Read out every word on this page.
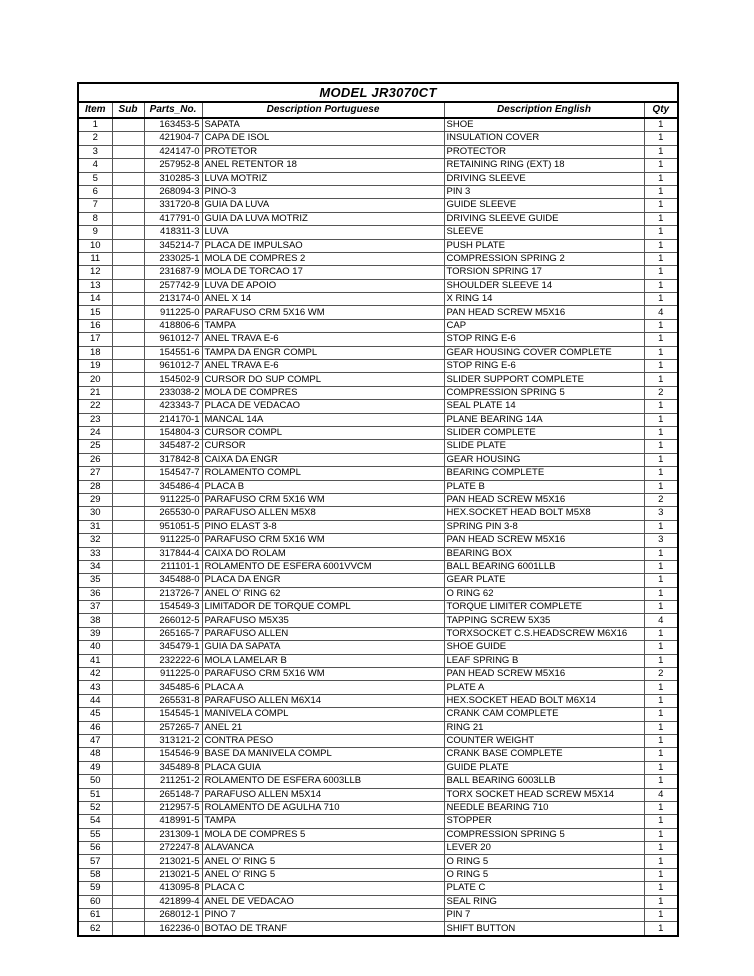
MODEL JR3070CT					
Item	Sub	Parts_No.	Description Portuguese	Description English	Qty
1		163453-5	SAPATA	SHOE	1
2		421904-7	CAPA DE ISOL	INSULATION COVER	1
3		424147-0	PROTETOR	PROTECTOR	1
4		257952-8	ANEL RETENTOR 18	RETAINING RING (EXT) 18	1
5		310285-3	LUVA MOTRIZ	DRIVING SLEEVE	1
6		268094-3	PINO-3	PIN 3	1
7		331720-8	GUIA DA LUVA	GUIDE SLEEVE	1
8		417791-0	GUIA DA LUVA MOTRIZ	DRIVING SLEEVE GUIDE	1
9		418311-3	LUVA	SLEEVE	1
10		345214-7	PLACA DE IMPULSAO	PUSH PLATE	1
11		233025-1	MOLA DE COMPRES 2	COMPRESSION SPRING 2	1
12		231687-9	MOLA DE TORCAO 17	TORSION SPRING 17	1
13		257742-9	LUVA DE APOIO	SHOULDER SLEEVE 14	1
14		213174-0	ANEL X 14	X RING 14	1
15		911225-0	PARAFUSO CRM 5X16 WM	PAN HEAD SCREW M5X16	4
16		418806-6	TAMPA	CAP	1
17		961012-7	ANEL TRAVA E-6	STOP RING E-6	1
18		154551-6	TAMPA DA ENGR COMPL	GEAR HOUSING COVER COMPLETE	1
19		961012-7	ANEL TRAVA E-6	STOP RING E-6	1
20		154502-9	CURSOR DO SUP COMPL	SLIDER SUPPORT COMPLETE	1
21		233038-2	MOLA DE COMPRES	COMPRESSION SPRING 5	2
22		423343-7	PLACA DE VEDACAO	SEAL PLATE 14	1
23		214170-1	MANCAL 14A	PLANE BEARING 14A	1
24		154804-3	CURSOR COMPL	SLIDER COMPLETE	1
25		345487-2	CURSOR	SLIDE PLATE	1
26		317842-8	CAIXA DA ENGR	GEAR HOUSING	1
27		154547-7	ROLAMENTO COMPL	BEARING COMPLETE	1
28		345486-4	PLACA B	PLATE B	1
29		911225-0	PARAFUSO CRM 5X16 WM	PAN HEAD SCREW M5X16	2
30		265530-0	PARAFUSO ALLEN M5X8	HEX.SOCKET HEAD BOLT M5X8	3
31		951051-5	PINO ELAST 3-8	SPRING PIN 3-8	1
32		911225-0	PARAFUSO CRM 5X16 WM	PAN HEAD SCREW M5X16	3
33		317844-4	CAIXA DO ROLAM	BEARING BOX	1
34		211101-1	ROLAMENTO DE ESFERA 6001VVCM	BALL BEARING 6001LLB	1
35		345488-0	PLACA DA ENGR	GEAR PLATE	1
36		213726-7	ANEL O' RING 62	O RING 62	1
37		154549-3	LIMITADOR DE TORQUE COMPL	TORQUE LIMITER COMPLETE	1
38		266012-5	PARAFUSO M5X35	TAPPING SCREW 5X35	4
39		265165-7	PARAFUSO ALLEN	TORXSOCKET C.S.HEADSCREW M6X16	1
40		345479-1	GUIA DA SAPATA	SHOE GUIDE	1
41		232222-6	MOLA LAMELAR B	LEAF SPRING B	1
42		911225-0	PARAFUSO CRM 5X16 WM	PAN HEAD SCREW M5X16	2
43		345485-6	PLACA A	PLATE A	1
44		265531-8	PARAFUSO ALLEN M6X14	HEX.SOCKET HEAD BOLT M6X14	1
45		154545-1	MANIVELA COMPL	CRANK CAM COMPLETE	1
46		257265-7	ANEL 21	RING 21	1
47		313121-2	CONTRA PESO	COUNTER WEIGHT	1
48		154546-9	BASE DA MANIVELA COMPL	CRANK BASE COMPLETE	1
49		345489-8	PLACA GUIA	GUIDE PLATE	1
50		211251-2	ROLAMENTO DE ESFERA 6003LLB	BALL BEARING 6003LLB	1
51		265148-7	PARAFUSO ALLEN M5X14	TORX SOCKET HEAD SCREW M5X14	4
52		212957-5	ROLAMENTO DE AGULHA 710	NEEDLE BEARING 710	1
54		418991-5	TAMPA	STOPPER	1
55		231309-1	MOLA DE COMPRES 5	COMPRESSION SPRING 5	1
56		272247-8	ALAVANCA	LEVER 20	1
57		213021-5	ANEL O' RING 5	O RING 5	1
58		213021-5	ANEL O' RING 5	O RING 5	1
59		413095-8	PLACA C	PLATE C	1
60		421899-4	ANEL DE VEDACAO	SEAL RING	1
61		268012-1	PINO 7	PIN 7	1
62		162236-0	BOTAO DE TRANF	SHIFT BUTTON	1
